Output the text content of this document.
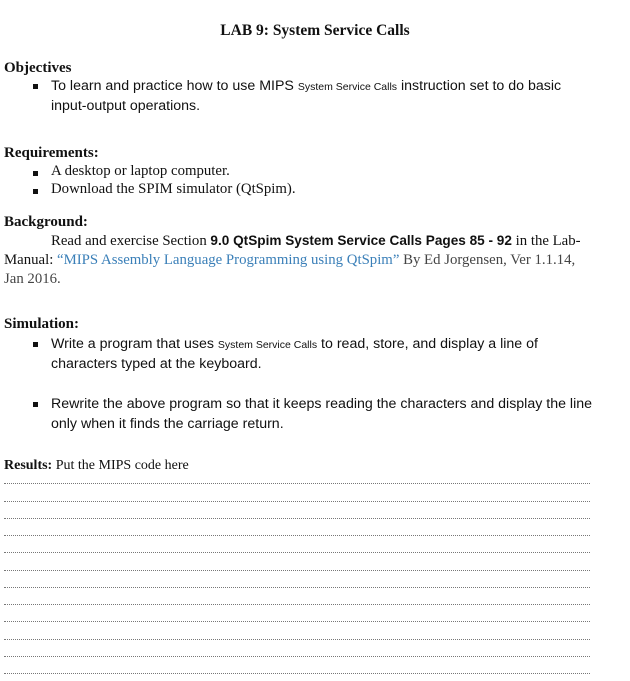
LAB 9: System Service Calls
Objectives
To learn and practice how to use MIPS System Service Calls instruction set to do basic
input-output operations.
Requirements:
A desktop or laptop computer.
Download the SPIM simulator (QtSpim).
Background:
Read and exercise Section 9.0 QtSpim System Service Calls Pages 85 - 92 in the Lab-
Manual: “MIPS Assembly Language Programming using QtSpim” By Ed Jorgensen, Ver 1.1.14,
Jan 2016.
Simulation:
Write a program that uses System Service Calls to read, store, and display a line of
characters typed at the keyboard.
Rewrite the above program so that it keeps reading the characters and display the line
only when it finds the carriage return.
Results: Put the MIPS code here
